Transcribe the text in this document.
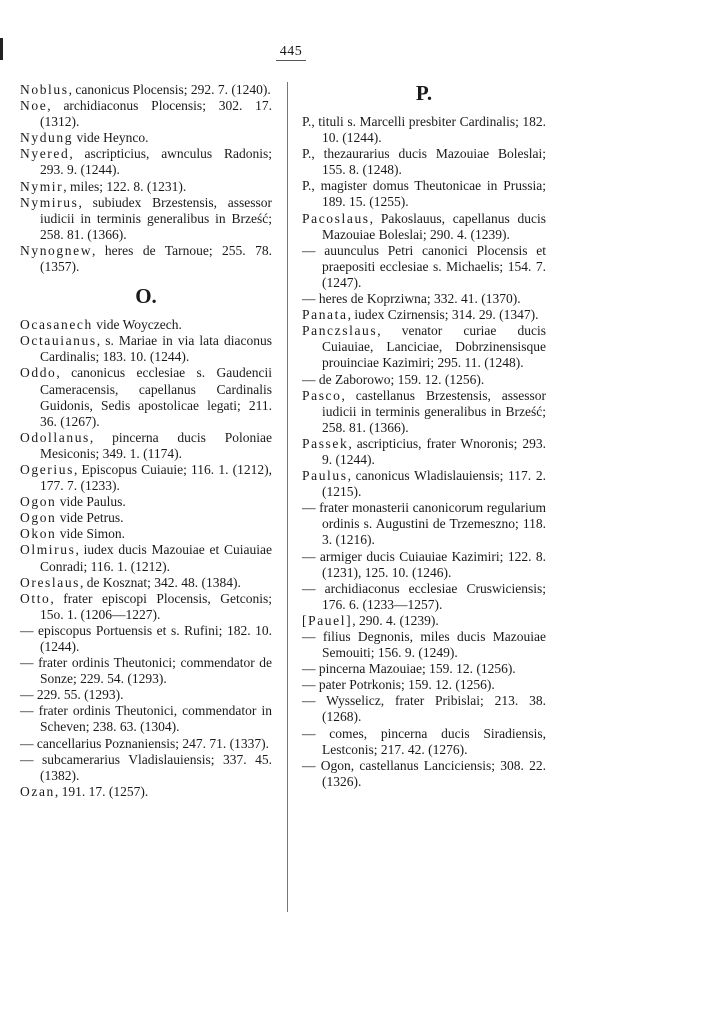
445
Noblus, canonicus Plocensis; 292. 7. (1240).
Noe, archidiaconus Plocensis; 302. 17. (1312).
Nydung vide Heynco.
Nyered, ascripticius, awnculus Radonis; 293. 9. (1244).
Nymir, miles; 122. 8. (1231).
Nymirus, subiudex Brzestensis, assessor iudicii in terminis generalibus in Brześć; 258. 81. (1366).
Nynognew, heres de Tarnoue; 255. 78. (1357).
O.
Ocasanech vide Woyczech.
Octauianus, s. Mariae in via lata diaconus Cardinalis; 183. 10. (1244).
Oddo, canonicus ecclesiae s. Gaudencii Cameracensis, capellanus Cardinalis Guidonis, Sedis apostolicae legati; 211. 36. (1267).
Odollanus, pincerna ducis Poloniae Mesiconis; 349. 1. (1174).
Ogerius, Episcopus Cuiauie; 116. 1. (1212), 177. 7. (1233).
Ogon vide Paulus.
Ogon vide Petrus.
Okon vide Simon.
Olmirus, iudex ducis Mazouiae et Cuiauiae Conradi; 116. 1. (1212).
Oreslaus, de Kosznat; 342. 48. (1384).
Otto, frater episcopi Plocensis, Getconis; 15o. 1. (1206—1227).
— episcopus Portuensis et s. Rufini; 182. 10. (1244).
— frater ordinis Theutonici; commendator de Sonze; 229. 54. (1293).
— 229. 55. (1293).
— frater ordinis Theutonici, commendator in Scheven; 238. 63. (1304).
— cancellarius Poznaniensis; 247. 71. (1337).
— subcamerarius Vladislauiensis; 337. 45. (1382).
Ozan, 191. 17. (1257).
P.
P., tituli s. Marcelli presbiter Cardinalis; 182. 10. (1244).
P., thezaurarius ducis Mazouiae Boleslai; 155. 8. (1248).
P., magister domus Theutonicae in Prussia; 189. 15. (1255).
Pacoslaus, Pakoslauus, capellanus ducis Mazouiae Boleslai; 290. 4. (1239).
— auunculus Petri canonici Plocensis et praepositi ecclesiae s. Michaelis; 154. 7. (1247).
— heres de Koprziwna; 332. 41. (1370).
Panata, iudex Czirnensis; 314. 29. (1347).
Panczslaus, venator curiae ducis Cuiauiae, Lanciciae, Dobrzinensisque prouinciae Kazimiri; 295. 11. (1248).
— de Zaborowo; 159. 12. (1256).
Pasco, castellanus Brzestensis, assessor iudicii in terminis generalibus in Brześć; 258. 81. (1366).
Passek, ascripticius, frater Wnoronis; 293. 9. (1244).
Paulus, canonicus Wladislauiensis; 117. 2. (1215).
— frater monasterii canonicorum regularium ordinis s. Augustini de Trzemeszno; 118. 3. (1216).
— armiger ducis Cuiauiae Kazimiri; 122. 8. (1231), 125. 10. (1246).
— archidiaconus ecclesiae Cruswiciensis; 176. 6. (1233—1257).
[Pauel], 290. 4. (1239).
— filius Degnonis, miles ducis Mazouiae Semouiti; 156. 9. (1249).
— pincerna Mazouiae; 159. 12. (1256).
— pater Potrkonis; 159. 12. (1256).
— Wysselicz, frater Pribislai; 213. 38. (1268).
— comes, pincerna ducis Siradiensis, Lestconis; 217. 42. (1276).
— Ogon, castellanus Lanciciensis; 308. 22. (1326).
